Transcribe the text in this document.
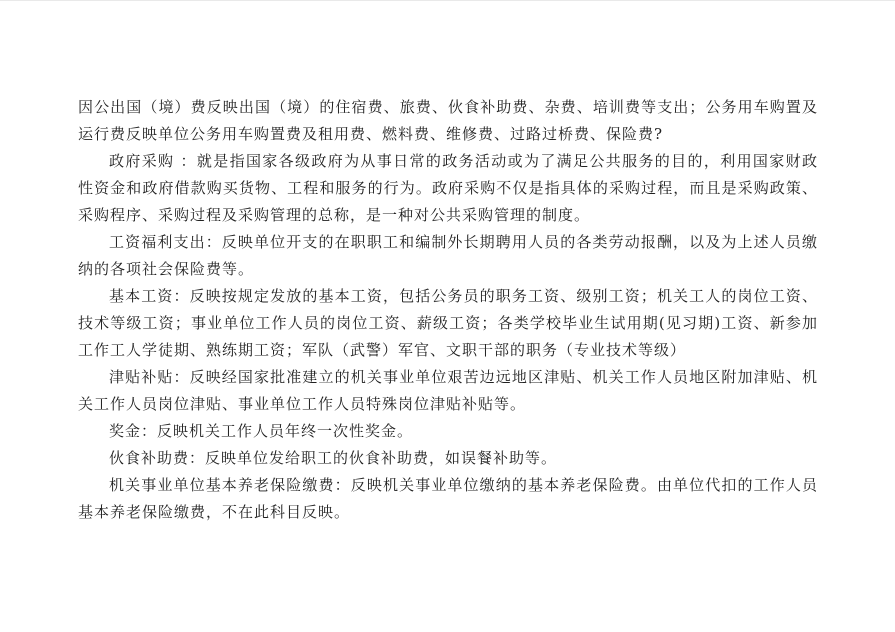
因公出国（境）费反映出国（境）的住宿费、旅费、伙食补助费、杂费、培训费等支出；公务用车购置及运行费反映单位公务用车购置费及租用费、燃料费、维修费、过路过桥费、保险费?

政府采购 ：就是指国家各级政府为从事日常的政务活动或为了满足公共服务的目的，利用国家财政性资金和政府借款购买货物、工程和服务的行为。政府采购不仅是指具体的采购过程，而且是采购政策、采购程序、采购过程及采购管理的总称，是一种对公共采购管理的制度。

工资福利支出：反映单位开支的在职职工和编制外长期聘用人员的各类劳动报酬，以及为上述人员缴纳的各项社会保险费等。

基本工资：反映按规定发放的基本工资，包括公务员的职务工资、级别工资；机关工人的岗位工资、技术等级工资；事业单位工作人员的岗位工资、薪级工资；各类学校毕业生试用期(见习期)工资、新参加工作工人学徒期、熟练期工资；军队（武警）军官、文职干部的职务（专业技术等级）

津贴补贴：反映经国家批准建立的机关事业单位艰苦边远地区津贴、机关工作人员地区附加津贴、机关工作人员岗位津贴、事业单位工作人员特殊岗位津贴补贴等。

奖金：反映机关工作人员年终一次性奖金。

伙食补助费：反映单位发给职工的伙食补助费，如误餐补助等。

机关事业单位基本养老保险缴费：反映机关事业单位缴纳的基本养老保险费。由单位代扣的工作人员基本养老保险缴费，不在此科目反映。
